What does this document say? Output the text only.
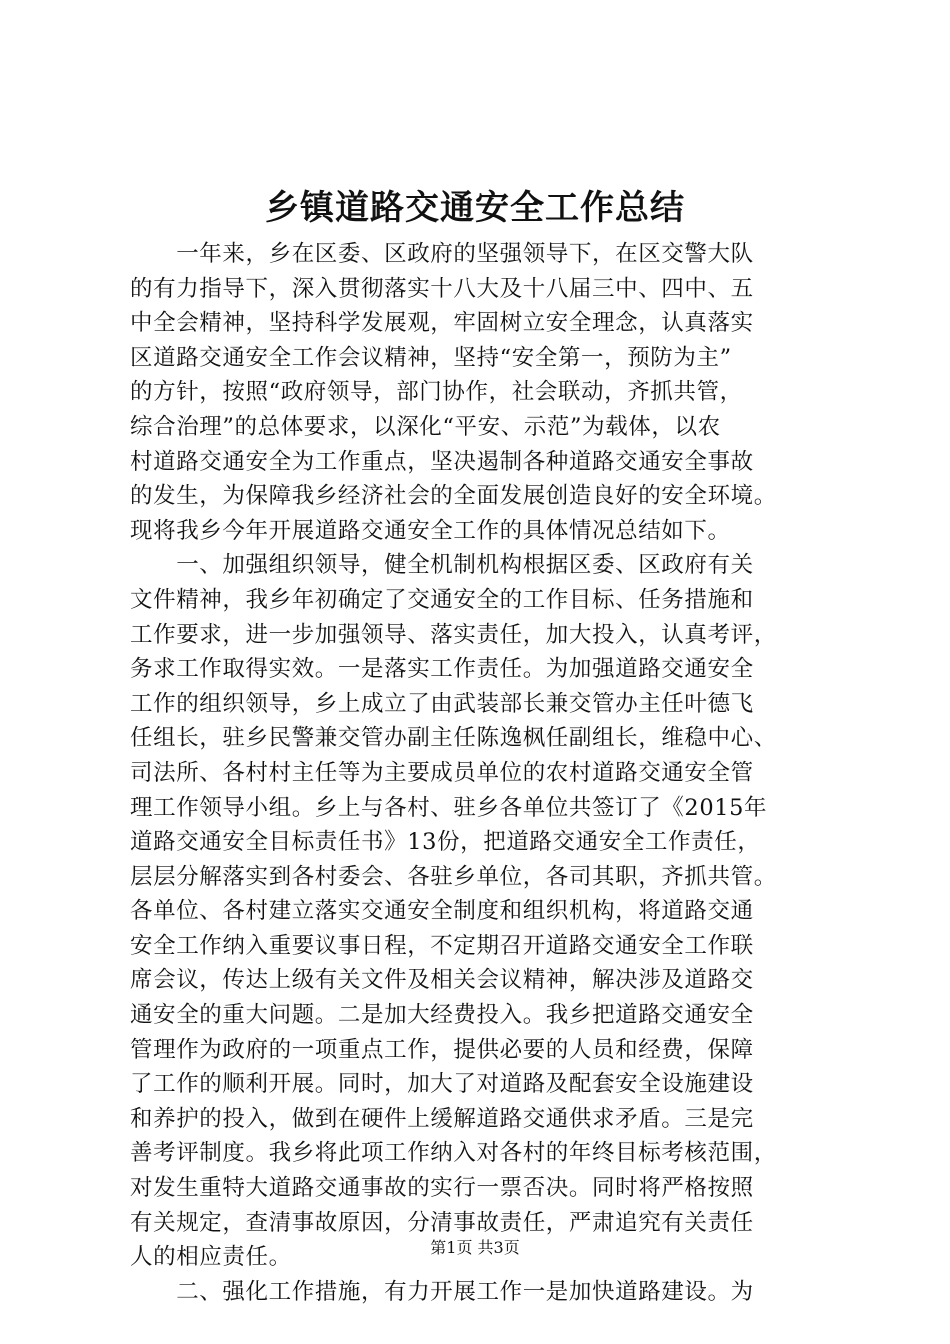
乡镇道路交通安全工作总结
　　一年来，乡在区委、区政府的坚强领导下，在区交警大队
的有力指导下，深入贯彻落实十八大及十八届三中、四中、五
中全会精神，坚持科学发展观，牢固树立安全理念，认真落实
区道路交通安全工作会议精神，坚持“安全第一，预防为主”
的方针，按照“政府领导，部门协作，社会联动，齐抓共管，
综合治理”的总体要求，以深化“平安、示范”为载体，以农
村道路交通安全为工作重点，坚决遏制各种道路交通安全事故
的发生，为保障我乡经济社会的全面发展创造良好的安全环境。
现将我乡今年开展道路交通安全工作的具体情况总结如下。
　　一、加强组织领导，健全机制机构根据区委、区政府有关
文件精神，我乡年初确定了交通安全的工作目标、任务措施和
工作要求，进一步加强领导、落实责任，加大投入，认真考评，
务求工作取得实效。一是落实工作责任。为加强道路交通安全
工作的组织领导，乡上成立了由武装部长兼交管办主任叶德飞
任组长，驻乡民警兼交管办副主任陈逸枫任副组长，维稳中心、
司法所、各村村主任等为主要成员单位的农村道路交通安全管
理工作领导小组。乡上与各村、驻乡各单位共签订了《2015年
道路交通安全目标责任书》13份，把道路交通安全工作责任，
层层分解落实到各村委会、各驻乡单位，各司其职，齐抓共管。
各单位、各村建立落实交通安全制度和组织机构，将道路交通
安全工作纳入重要议事日程，不定期召开道路交通安全工作联
席会议，传达上级有关文件及相关会议精神，解决涉及道路交
通安全的重大问题。二是加大经费投入。我乡把道路交通安全
管理作为政府的一项重点工作，提供必要的人员和经费，保障
了工作的顺利开展。同时，加大了对道路及配套安全设施建设
和养护的投入，做到在硬件上缓解道路交通供求矛盾。三是完
善考评制度。我乡将此项工作纳入对各村的年终目标考核范围，
对发生重特大道路交通事故的实行一票否决。同时将严格按照
有关规定，查清事故原因，分清事故责任，严肃追究有关责任
人的相应责任。
　　二、强化工作措施，有力开展工作一是加快道路建设。为
第1页 共3页
